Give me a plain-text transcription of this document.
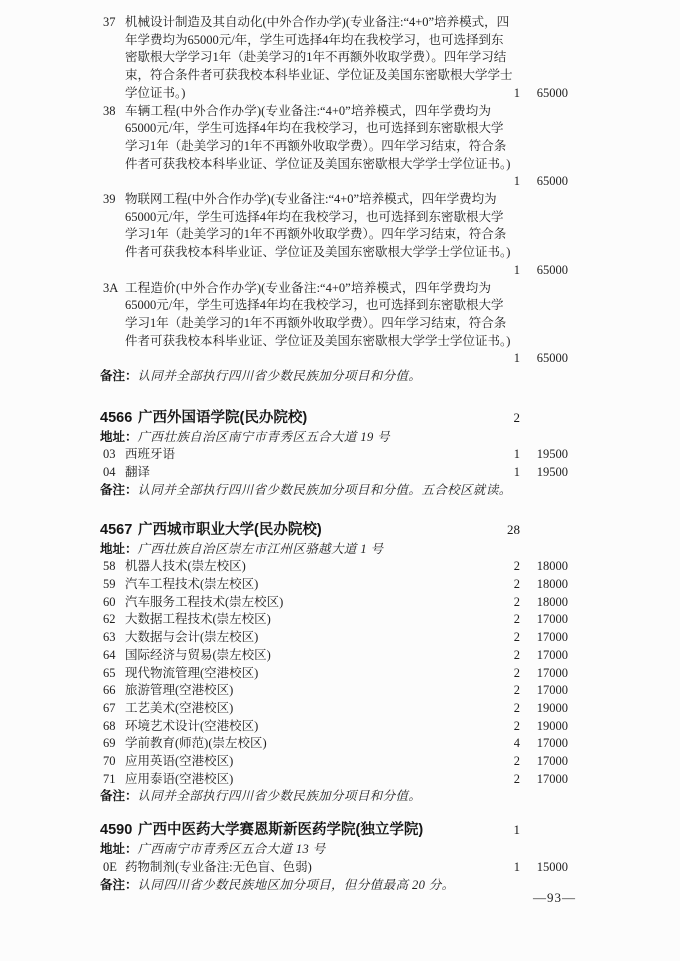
37 机械设计制造及其自动化(中外合作办学)(专业备注:“4+0”培养模式，四
年学费均为65000元/年，学生可选择4年均在我校学习，也可选择到东
密歇根大学学习1年（赴美学习的1年不再额外收取学费）。四年学习结
束，符合条件者可获我校本科毕业证、学位证及美国东密歇根大学学士
学位证书。)	1	65000
38 车辆工程(中外合作办学)(专业备注:“4+0”培养模式，四年学费均为
65000元/年，学生可选择4年均在我校学习，也可选择到东密歇根大学
学习1年（赴美学习的1年不再额外收取学费）。四年学习结束，符合条
件者可获我校本科毕业证、学位证及美国东密歇根大学学士学位证书。)
1	65000
39 物联网工程(中外合作办学)(专业备注:“4+0”培养模式，四年学费均为
65000元/年，学生可选择4年均在我校学习，也可选择到东密歇根大学
学习1年（赴美学习的1年不再额外收取学费）。四年学习结束，符合条
件者可获我校本科毕业证、学位证及美国东密歇根大学学士学位证书。)
1	65000
3A 工程造价(中外合作办学)(专业备注:“4+0”培养模式，四年学费均为
65000元/年，学生可选择4年均在我校学习，也可选择到东密歇根大学
学习1年（赴美学习的1年不再额外收取学费）。四年学习结束，符合条
件者可获我校本科毕业证、学位证及美国东密歇根大学学士学位证书。)
1	65000
备注： 认同并全部执行四川省少数民族加分项目和分值。
4566 广西外国语学院(民办院校)	2
地址： 广西壮族自治区南宁市青秀区五合大道 19 号
03 西班牙语	1	19500
04 翻译	1	19500
备注： 认同并全部执行四川省少数民族加分项目和分值。五合校区就读。
4567 广西城市职业大学(民办院校)	28
地址： 广西壮族自治区崇左市江州区骆越大道 1 号
58 机器人技术(崇左校区)	2	18000
59 汽车工程技术(崇左校区)	2	18000
60 汽车服务工程技术(崇左校区)	2	18000
62 大数据工程技术(崇左校区)	2	17000
63 大数据与会计(崇左校区)	2	17000
64 国际经济与贸易(崇左校区)	2	17000
65 现代物流管理(空港校区)	2	17000
66 旅游管理(空港校区)	2	17000
67 工艺美术(空港校区)	2	19000
68 环境艺术设计(空港校区)	2	19000
69 学前教育(师范)(崇左校区)	4	17000
70 应用英语(空港校区)	2	17000
71 应用泰语(空港校区)	2	17000
备注： 认同并全部执行四川省少数民族加分项目和分值。
4590 广西中医药大学赛恩斯新医药学院(独立学院)	1
地址： 广西南宁市青秀区五合大道 13 号
0E 药物制剂(专业备注:无色盲、色弱)	1	15000
备注： 认同四川省少数民族地区加分项目，但分值最高 20 分。
—93—
